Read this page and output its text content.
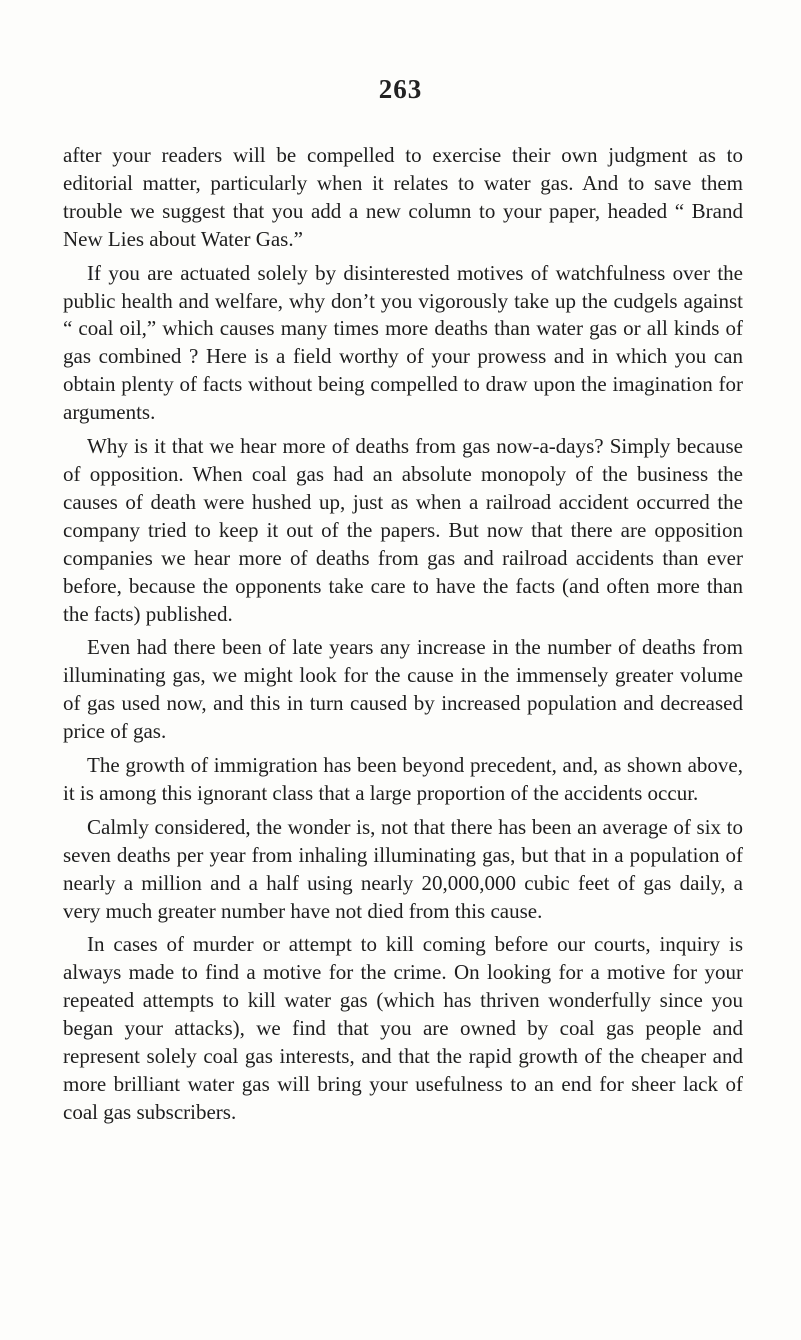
263

after your readers will be compelled to exercise their own judgment as to editorial matter, particularly when it relates to water gas. And to save them trouble we suggest that you add a new column to your paper, headed “ Brand New Lies about Water Gas.”

If you are actuated solely by disinterested motives of watchfulness over the public health and welfare, why don’t you vigorously take up the cudgels against “ coal oil,” which causes many times more deaths than water gas or all kinds of gas combined ? Here is a field worthy of your prowess and in which you can obtain plenty of facts without being compelled to draw upon the imagination for arguments.

Why is it that we hear more of deaths from gas now-a-days? Simply because of opposition. When coal gas had an absolute monopoly of the business the causes of death were hushed up, just as when a railroad accident occurred the company tried to keep it out of the papers. But now that there are opposition companies we hear more of deaths from gas and railroad accidents than ever before, because the opponents take care to have the facts (and often more than the facts) published.

Even had there been of late years any increase in the number of deaths from illuminating gas, we might look for the cause in the immensely greater volume of gas used now, and this in turn caused by increased population and decreased price of gas.

The growth of immigration has been beyond precedent, and, as shown above, it is among this ignorant class that a large proportion of the accidents occur.

Calmly considered, the wonder is, not that there has been an average of six to seven deaths per year from inhaling illuminating gas, but that in a population of nearly a million and a half using nearly 20,000,000 cubic feet of gas daily, a very much greater number have not died from this cause.

In cases of murder or attempt to kill coming before our courts, inquiry is always made to find a motive for the crime. On looking for a motive for your repeated attempts to kill water gas (which has thriven wonderfully since you began your attacks), we find that you are owned by coal gas people and represent solely coal gas interests, and that the rapid growth of the cheaper and more brilliant water gas will bring your usefulness to an end for sheer lack of coal gas subscribers.
